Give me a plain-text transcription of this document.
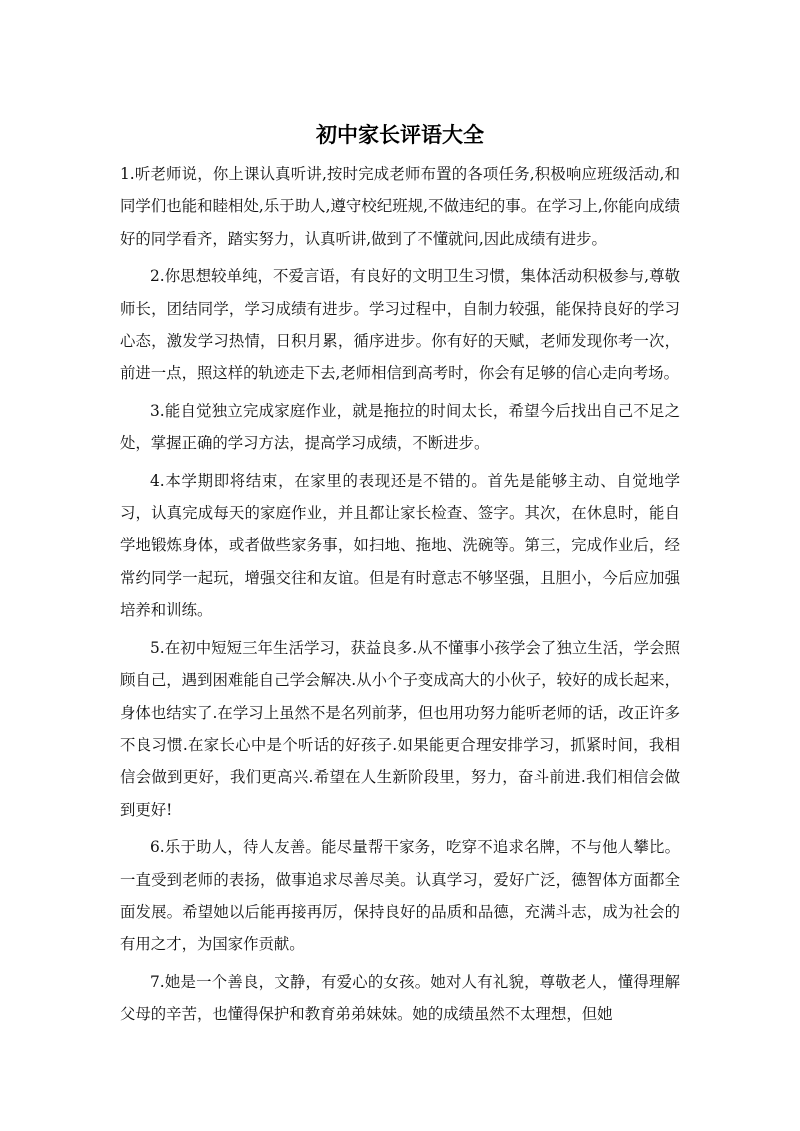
初中家长评语大全

1.听老师说，你上课认真听讲,按时完成老师布置的各项任务,积极响应班级活动,和同学们也能和睦相处,乐于助人,遵守校纪班规,不做违纪的事。在学习上,你能向成绩好的同学看齐，踏实努力，认真听讲,做到了不懂就问,因此成绩有进步。

2.你思想较单纯，不爱言语，有良好的文明卫生习惯，集体活动积极参与,尊敬师长，团结同学，学习成绩有进步。学习过程中，自制力较强，能保持良好的学习心态，激发学习热情，日积月累，循序进步。你有好的天赋，老师发现你考一次，前进一点，照这样的轨迹走下去,老师相信到高考时，你会有足够的信心走向考场。

3.能自觉独立完成家庭作业，就是拖拉的时间太长，希望今后找出自己不足之处，掌握正确的学习方法，提高学习成绩，不断进步。

4.本学期即将结束，在家里的表现还是不错的。首先是能够主动、自觉地学习，认真完成每天的家庭作业，并且都让家长检查、签字。其次，在休息时，能自学地锻炼身体，或者做些家务事，如扫地、拖地、洗碗等。第三，完成作业后，经常约同学一起玩，增强交往和友谊。但是有时意志不够坚强，且胆小，今后应加强培养和训练。

5.在初中短短三年生活学习，获益良多.从不懂事小孩学会了独立生活，学会照顾自己，遇到困难能自己学会解决.从小个子变成高大的小伙子，较好的成长起来，身体也结实了.在学习上虽然不是名列前茅，但也用功努力能听老师的话，改正许多不良习惯.在家长心中是个听话的好孩子.如果能更合理安排学习，抓紧时间，我相信会做到更好，我们更高兴.希望在人生新阶段里，努力，奋斗前进.我们相信会做到更好!

6.乐于助人，待人友善。能尽量帮干家务，吃穿不追求名牌，不与他人攀比。一直受到老师的表扬，做事追求尽善尽美。认真学习，爱好广泛，德智体方面都全面发展。希望她以后能再接再厉，保持良好的品质和品德，充满斗志，成为社会的有用之才，为国家作贡献。

7.她是一个善良，文静，有爱心的女孩。她对人有礼貌，尊敬老人，懂得理解父母的辛苦，也懂得保护和教育弟弟妹妹。她的成绩虽然不太理想，但她
